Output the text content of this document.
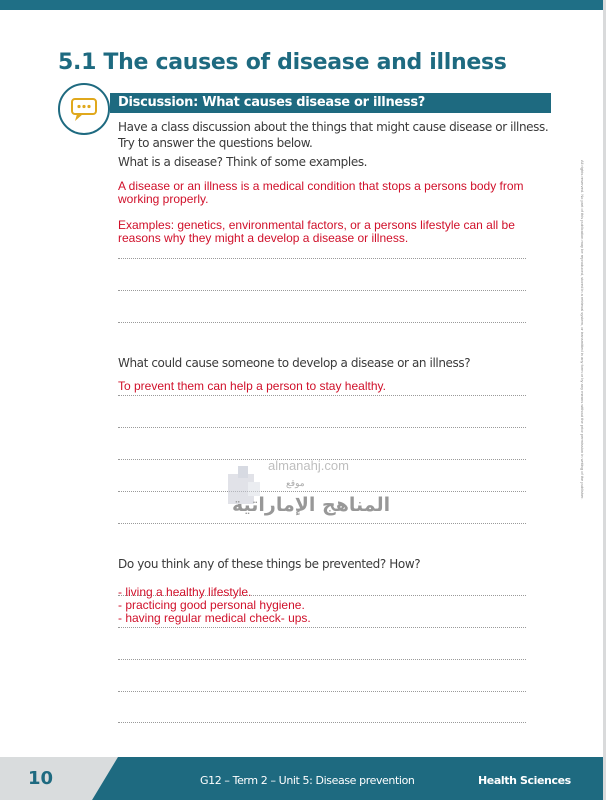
5.1 The causes of disease and illness
Discussion: What causes disease or illness?
Have a class discussion about the things that might cause disease or illness.
Try to answer the questions below.
What is a disease? Think of some examples.
A disease or an illness is a medical condition that stops a persons body from
working properly.
Examples: genetics, environmental factors, or a persons lifestyle can all be
reasons why they might a develop a disease or illness.
What could cause someone to develop a disease or an illness?
To prevent them can help a person to stay healthy.
Do you think any of these things be prevented? How?
- living a healthy lifestyle.
- practicing good personal hygiene.
- having regular medical check- ups.
All rights reserved. No part of this publication may be reproduced, stored in a retrieval system, or transmitted in any form or by any means without the prior permission in writing of the publisher.
almanahj.com
موقع
المناهج الإماراتية
10	G12 – Term 2 – Unit 5: Disease prevention	Health Sciences
